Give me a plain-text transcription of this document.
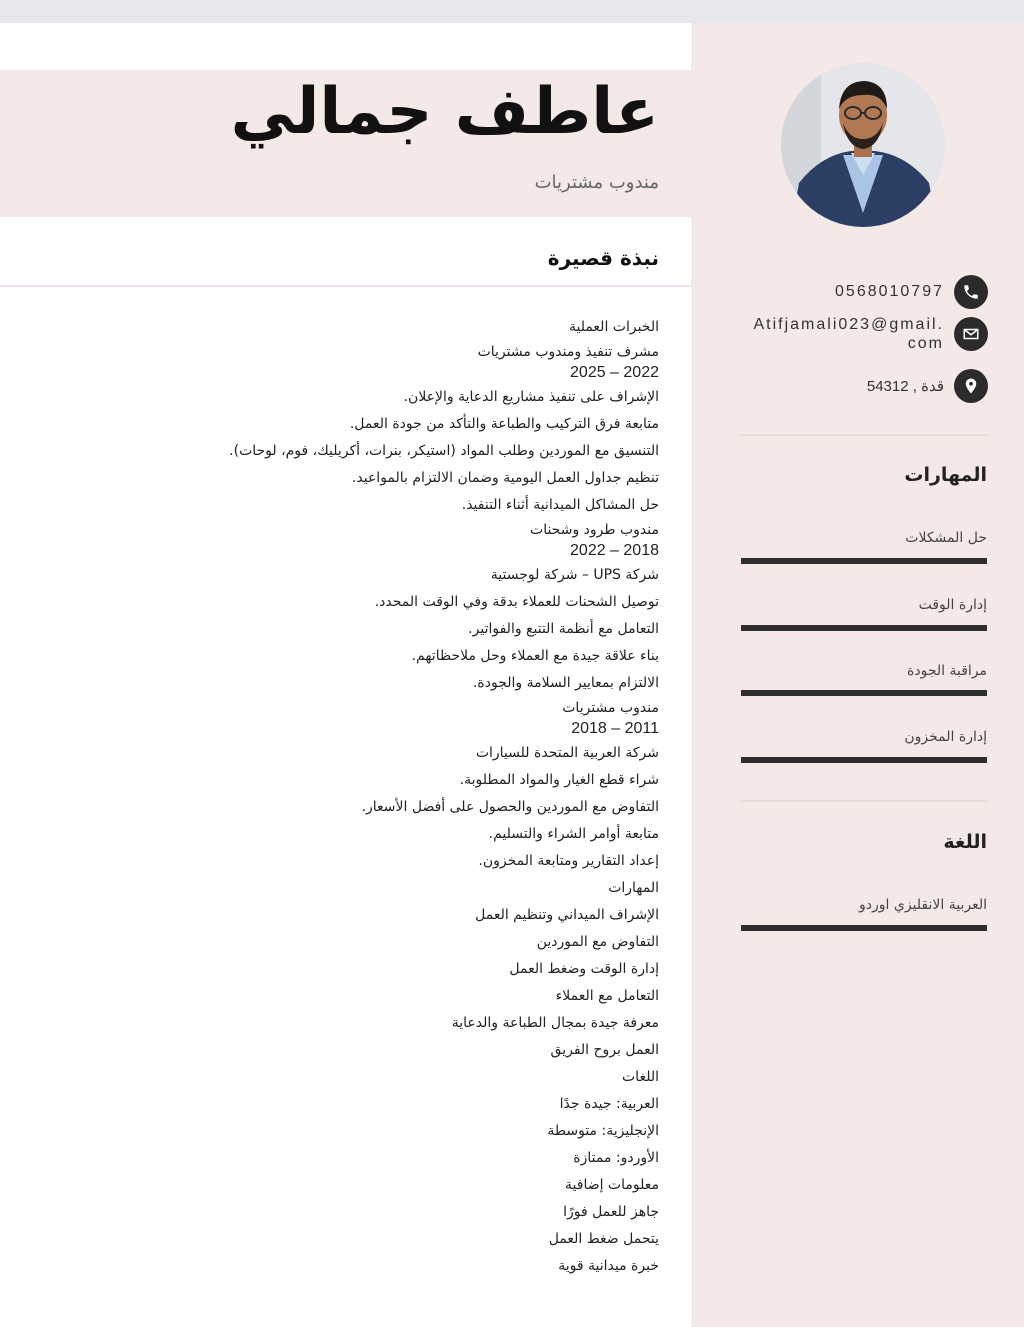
عاطف جمالي
مندوب مشتريات
نبذة قصيرة
الخبرات العملية
مشرف تنفيذ ومندوب مشتريات
2022 – 2025
الإشراف على تنفيذ مشاريع الدعاية والإعلان.
متابعة فرق التركيب والطباعة والتأكد من جودة العمل.
التنسيق مع الموردين وطلب المواد (استيكر، بنرات، أكريليك، فوم، لوحات).
تنظيم جداول العمل اليومية وضمان الالتزام بالمواعيد.
حل المشاكل الميدانية أثناء التنفيذ.
مندوب طرود وشحنات
2018 – 2022
شركة UPS – شركة لوجستية
توصيل الشحنات للعملاء بدقة وفي الوقت المحدد.
التعامل مع أنظمة التتبع والفواتير.
بناء علاقة جيدة مع العملاء وحل ملاحظاتهم.
الالتزام بمعايير السلامة والجودة.
مندوب مشتريات
2011 – 2018
شركة العربية المتحدة للسيارات
شراء قطع الغيار والمواد المطلوبة.
التفاوض مع الموردين والحصول على أفضل الأسعار.
متابعة أوامر الشراء والتسليم.
إعداد التقارير ومتابعة المخزون.
المهارات
الإشراف الميداني وتنظيم العمل
التفاوض مع الموردين
إدارة الوقت وضغط العمل
التعامل مع العملاء
معرفة جيدة بمجال الطباعة والدعاية
العمل بروح الفريق
اللغات
العربية: جيدة جدًا
الإنجليزية: متوسطة
الأوردو: ممتازة
معلومات إضافية
جاهز للعمل فورًا
يتحمل ضغط العمل
خبرة ميدانية قوية
0568010797
Atifjamali023@gmail.
com
قدة , 54312
المهارات
حل المشكلات
إدارة الوقت
مراقبة الجودة
إدارة المخزون
اللغة
العربية الانقليزي اوردو
